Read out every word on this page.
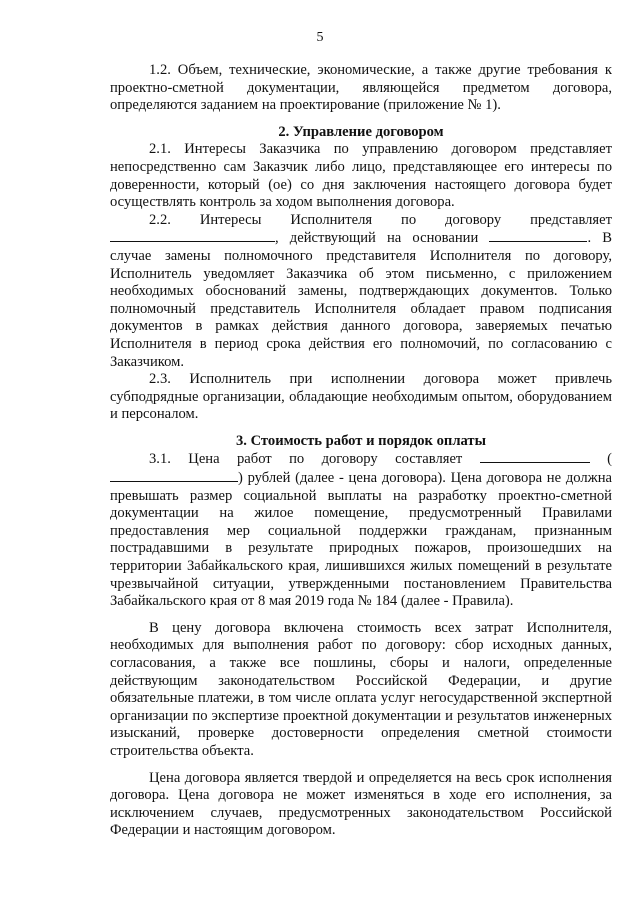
5

1.2. Объем, технические, экономические, а также другие требования к проектно-сметной документации, являющейся предметом договора, определяются заданием на проектирование (приложение № 1).

2. Управление договором

2.1. Интересы Заказчика по управлению договором представляет непосредственно сам Заказчик либо лицо, представляющее его интересы по доверенности, который (ое) со дня заключения настоящего договора будет осуществлять контроль за ходом выполнения договора.

2.2. Интересы Исполнителя по договору представляет , действующий на основании	. В случае замены полномочного представителя Исполнителя по договору, Исполнитель уведомляет Заказчика об этом письменно, с приложением необходимых обоснований замены, подтверждающих документов. Только полномочный представитель Исполнителя обладает правом подписания документов в рамках действия данного договора, заверяемых печатью Исполнителя в период срока действия его полномочий, по согласованию с Заказчиком.

2.3. Исполнитель при исполнении договора может привлечь субподрядные организации, обладающие необходимым опытом, оборудованием и персоналом.

3. Стоимость работ и порядок оплаты

3.1. Цена работ по договору составляет	() рублей (далее - цена договора). Цена договора не должна превышать размер социальной выплаты на разработку проектно-сметной документации на жилое помещение, предусмотренный Правилами предоставления мер социальной поддержки гражданам, признанным пострадавшими в результате природных пожаров, произошедших на территории Забайкальского края, лишившихся жилых помещений в результате чрезвычайной ситуации, утвержденными постановлением Правительства Забайкальского края от 8 мая 2019 года № 184 (далее - Правила).

В цену договора включена стоимость всех затрат Исполнителя, необходимых для выполнения работ по договору: сбор исходных данных, согласования, а также все пошлины, сборы и налоги, определенные действующим законодательством Российской Федерации, и другие обязательные платежи, в том числе оплата услуг негосударственной экспертной организации по экспертизе проектной документации и результатов инженерных изысканий, проверке достоверности определения сметной стоимости строительства объекта.

Цена договора является твердой и определяется на весь срок исполнения договора. Цена договора не может изменяться в ходе его исполнения, за исключением случаев, предусмотренных законодательством Российской Федерации и настоящим договором.
